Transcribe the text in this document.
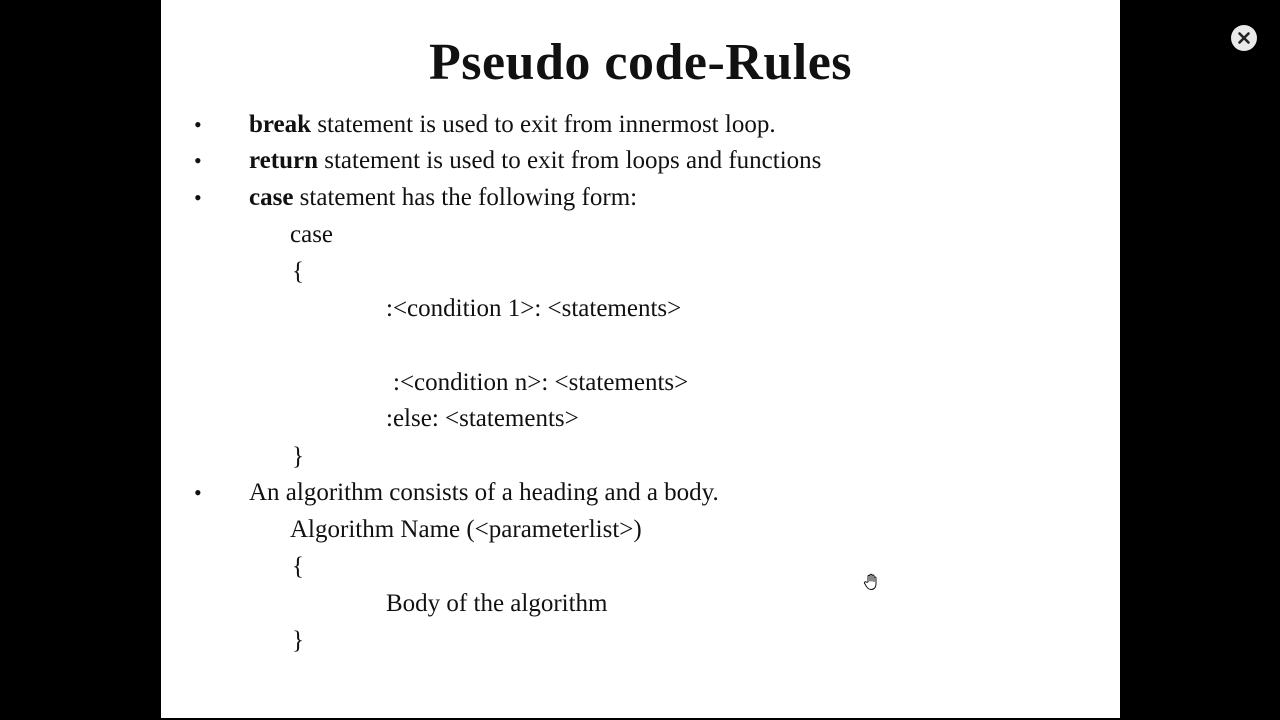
Pseudo code-Rules
• break statement is used to exit from innermost loop.
• return statement is used to exit from loops and functions
• case statement has the following form:
case
{
:<condition 1>: <statements>
:<condition n>: <statements>
:else: <statements>
}
• An algorithm consists of a heading and a body.
Algorithm Name (<parameterlist>)
{
Body of the algorithm
}
